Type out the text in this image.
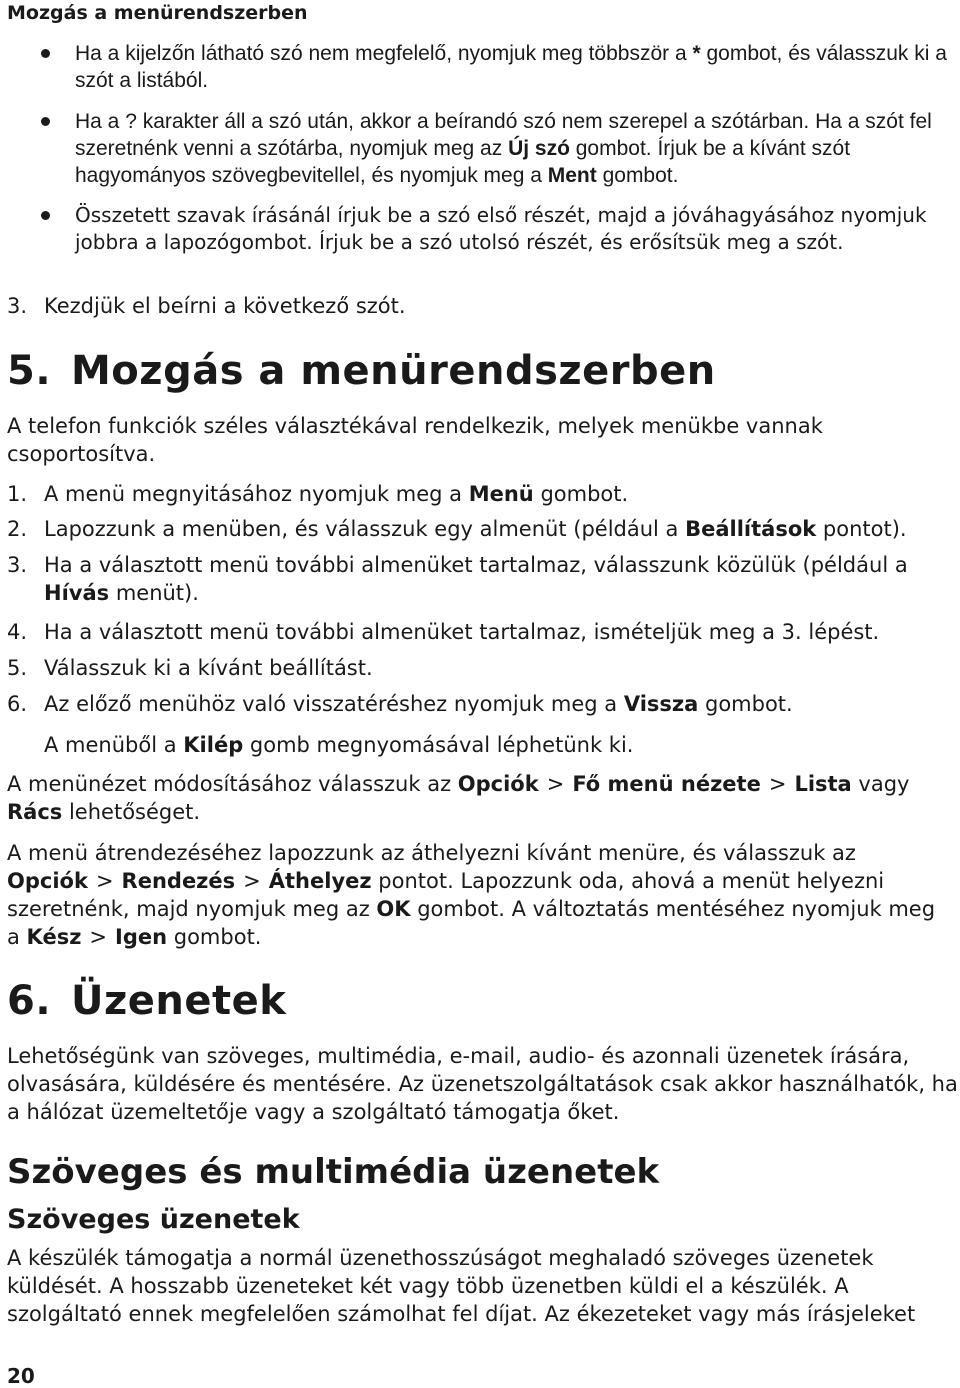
Mozgás a menürendszerben
Ha a kijelzőn látható szó nem megfelelő, nyomjuk meg többször a * gombot, és válasszuk ki a szót a listából.
Ha a ? karakter áll a szó után, akkor a beírandó szó nem szerepel a szótárban. Ha a szót fel szeretnénk venni a szótárba, nyomjuk meg az Új szó gombot. Írjuk be a kívánt szót hagyományos szövegbevitellel, és nyomjuk meg a Ment gombot.
Összetett szavak írásánál írjuk be a szó első részét, majd a jóváhagyásához nyomjuk jobbra a lapozógombot. Írjuk be a szó utolsó részét, és erősítsük meg a szót.
3. Kezdjük el beírni a következő szót.
5. Mozgás a menürendszerben
A telefon funkciók széles választékával rendelkezik, melyek menükbe vannak csoportosítva.
1. A menü megnyitásához nyomjuk meg a Menü gombot.
2. Lapozzunk a menüben, és válasszuk egy almenüt (például a Beállítások pontot).
3. Ha a választott menü további almenüket tartalmaz, válasszunk közülük (például a Hívás menüt).
4. Ha a választott menü további almenüket tartalmaz, ismételjük meg a 3. lépést.
5. Válasszuk ki a kívánt beállítást.
6. Az előző menühöz való visszatéréshez nyomjuk meg a Vissza gombot.
A menüből a Kilép gomb megnyomásával léphetünk ki.
A menünézet módosításához válasszuk az Opciók > Fő menü nézete > Lista vagy
Rács lehetőséget.
A menü átrendezéséhez lapozzunk az áthelyezni kívánt menüre, és válasszuk az
Opciók > Rendezés > Áthelyez pontot. Lapozzunk oda, ahová a menüt helyezni
szeretnénk, majd nyomjuk meg az OK gombot. A változtatás mentéséhez nyomjuk meg
a Kész > Igen gombot.
6. Üzenetek
Lehetőségünk van szöveges, multimédia, e-mail, audio- és azonnali üzenetek írására, olvasására, küldésére és mentésére. Az üzenetszolgáltatások csak akkor használhatók, ha a hálózat üzemeltetője vagy a szolgáltató támogatja őket.
Szöveges és multimédia üzenetek
Szöveges üzenetek
A készülék támogatja a normál üzenethosszúságot meghaladó szöveges üzenetek küldését. A hosszabb üzeneteket két vagy több üzenetben küldi el a készülék. A szolgáltató ennek megfelelően számolhat fel díjat. Az ékezeteket vagy más írásjeleket
20
